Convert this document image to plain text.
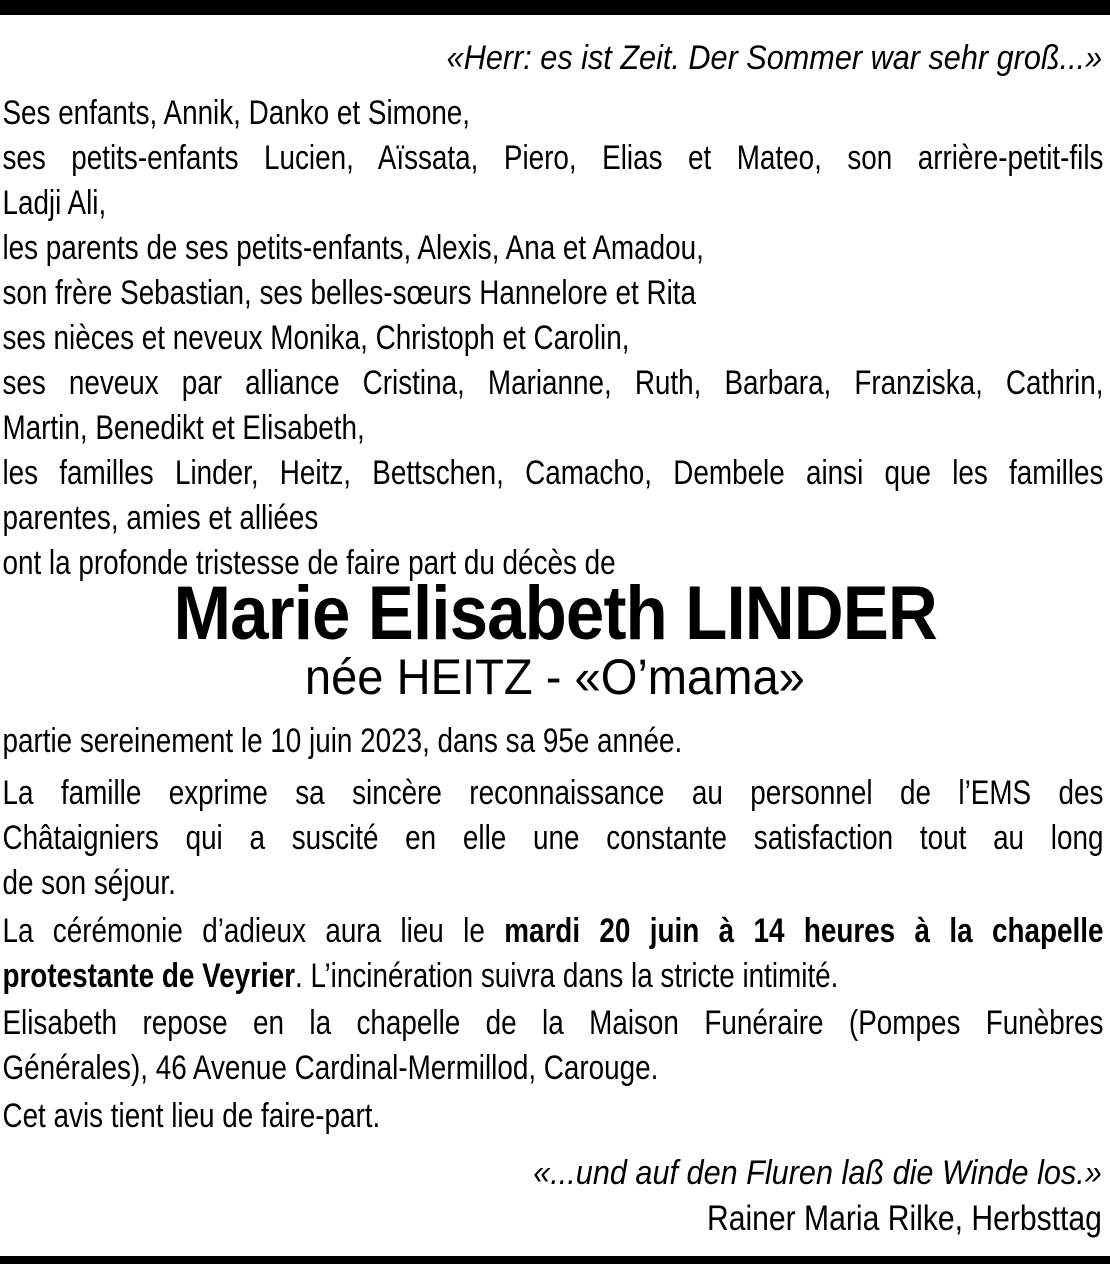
«Herr: es ist Zeit. Der Sommer war sehr groß...»
Ses enfants, Annik, Danko et Simone,
ses petits-enfants Lucien, Aïssata, Piero, Elias et Mateo, son arrière-petit-fils
Ladji Ali,
les parents de ses petits-enfants, Alexis, Ana et Amadou,
son frère Sebastian, ses belles-sœurs Hannelore et Rita
ses nièces et neveux Monika, Christoph et Carolin,
ses neveux par alliance Cristina, Marianne, Ruth, Barbara, Franziska, Cathrin,
Martin, Benedikt et Elisabeth,
les familles Linder, Heitz, Bettschen, Camacho, Dembele ainsi que les familles
parentes, amies et alliées
ont la profonde tristesse de faire part du décès de
Marie Elisabeth LINDER
née HEITZ - «O’mama»
partie sereinement le 10 juin 2023, dans sa 95e année.
La famille exprime sa sincère reconnaissance au personnel de l’EMS des
Châtaigniers qui a suscité en elle une constante satisfaction tout au long
de son séjour.
La cérémonie d’adieux aura lieu le mardi 20 juin à 14 heures à la chapelle
protestante de Veyrier. L’incinération suivra dans la stricte intimité.
Elisabeth repose en la chapelle de la Maison Funéraire (Pompes Funèbres
Générales), 46 Avenue Cardinal-Mermillod, Carouge.
Cet avis tient lieu de faire-part.
«...und auf den Fluren laß die Winde los.»
Rainer Maria Rilke, Herbsttag
